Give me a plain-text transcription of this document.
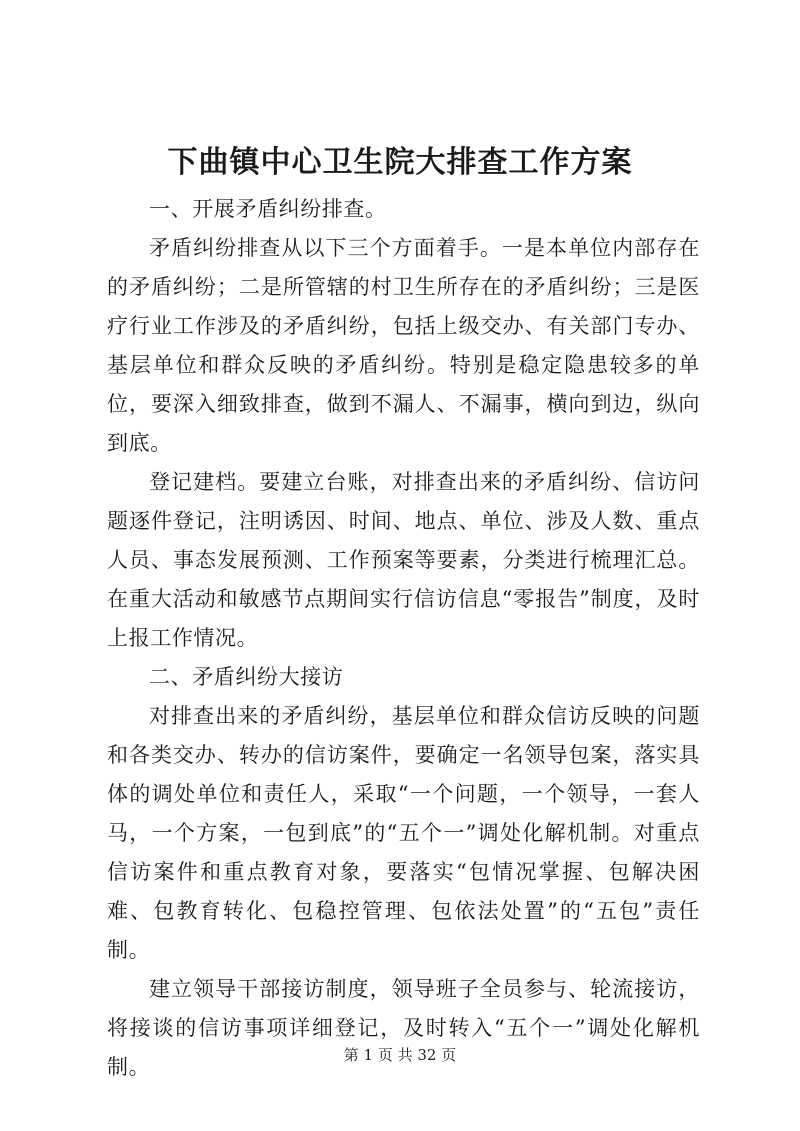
下曲镇中心卫生院大排查工作方案

一、开展矛盾纠纷排查。

矛盾纠纷排查从以下三个方面着手。一是本单位内部存在的矛盾纠纷；二是所管辖的村卫生所存在的矛盾纠纷；三是医疗行业工作涉及的矛盾纠纷，包括上级交办、有关部门专办、基层单位和群众反映的矛盾纠纷。特别是稳定隐患较多的单位，要深入细致排查，做到不漏人、不漏事，横向到边，纵向到底。

登记建档。要建立台账，对排查出来的矛盾纠纷、信访问题逐件登记，注明诱因、时间、地点、单位、涉及人数、重点人员、事态发展预测、工作预案等要素，分类进行梳理汇总。在重大活动和敏感节点期间实行信访信息“零报告”制度，及时上报工作情况。

二、矛盾纠纷大接访

对排查出来的矛盾纠纷，基层单位和群众信访反映的问题和各类交办、转办的信访案件，要确定一名领导包案，落实具体的调处单位和责任人，采取“一个问题，一个领导，一套人马，一个方案，一包到底”的“五个一”调处化解机制。对重点信访案件和重点教育对象，要落实“包情况掌握、包解决困难、包教育转化、包稳控管理、包依法处置”的“五包”责任制。

建立领导干部接访制度，领导班子全员参与、轮流接访，将接谈的信访事项详细登记，及时转入“五个一”调处化解机制。	第 1 页 共 32 页
